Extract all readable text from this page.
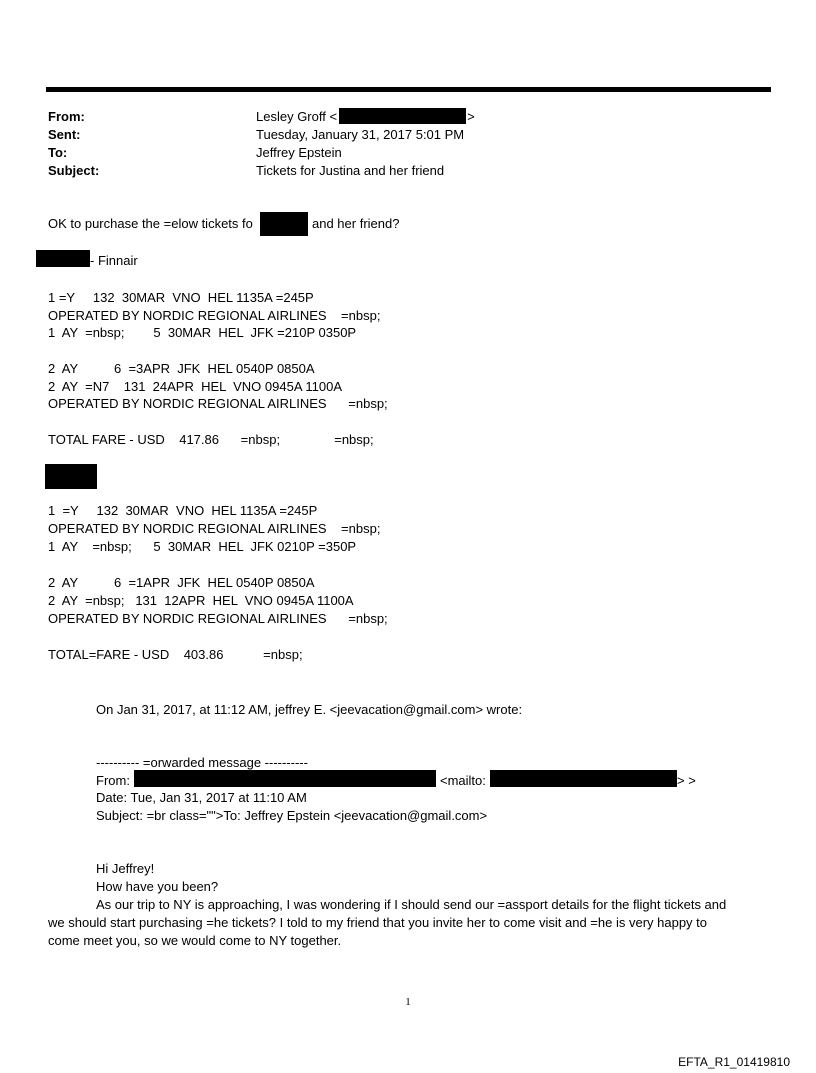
From:	Lesley Groff <	>
Sent:	Tuesday, January 31, 2017 5:01 PM
To:	Jeffrey Epstein
Subject:	Tickets for Justina and her friend
OK to purchase the =elow tickets fo	and her friend?
- Finnair
1 =Y     132  30MAR  VNO  HEL 1135A =245P
OPERATED BY NORDIC REGIONAL AIRLINES    =nbsp;
1  AY  =nbsp;        5  30MAR  HEL  JFK =210P 0350P
2  AY          6  =3APR  JFK  HEL 0540P 0850A
2  AY  =N7    131  24APR  HEL  VNO 0945A 1100A
OPERATED BY NORDIC REGIONAL AIRLINES      =nbsp;
TOTAL FARE - USD    417.86      =nbsp;               =nbsp;
1  =Y     132  30MAR  VNO  HEL 1135A =245P
OPERATED BY NORDIC REGIONAL AIRLINES    =nbsp;
1  AY    =nbsp;      5  30MAR  HEL  JFK 0210P =350P
2  AY          6  =1APR  JFK  HEL 0540P 0850A
2  AY  =nbsp;   131  12APR  HEL  VNO 0945A 1100A
OPERATED BY NORDIC REGIONAL AIRLINES      =nbsp;
TOTAL=FARE - USD    403.86           =nbsp;
On Jan 31, 2017, at 11:12 AM, jeffrey E. <jeevacation@gmail.com> wrote:
---------- =orwarded message ----------
From:	<mailto:	> >
Date: Tue, Jan 31, 2017 at 11:10 AM
Subject: =br class="">To: Jeffrey Epstein <jeevacation@gmail.com>
Hi Jeffrey!
How have you been?
As our trip to NY is approaching, I was wondering if I should send our =assport details for the flight tickets and
we should start purchasing =he tickets? I told to my friend that you invite her to come visit and =he is very happy to
come meet you, so we would come to NY together.
1
EFTA_R1_01419810
